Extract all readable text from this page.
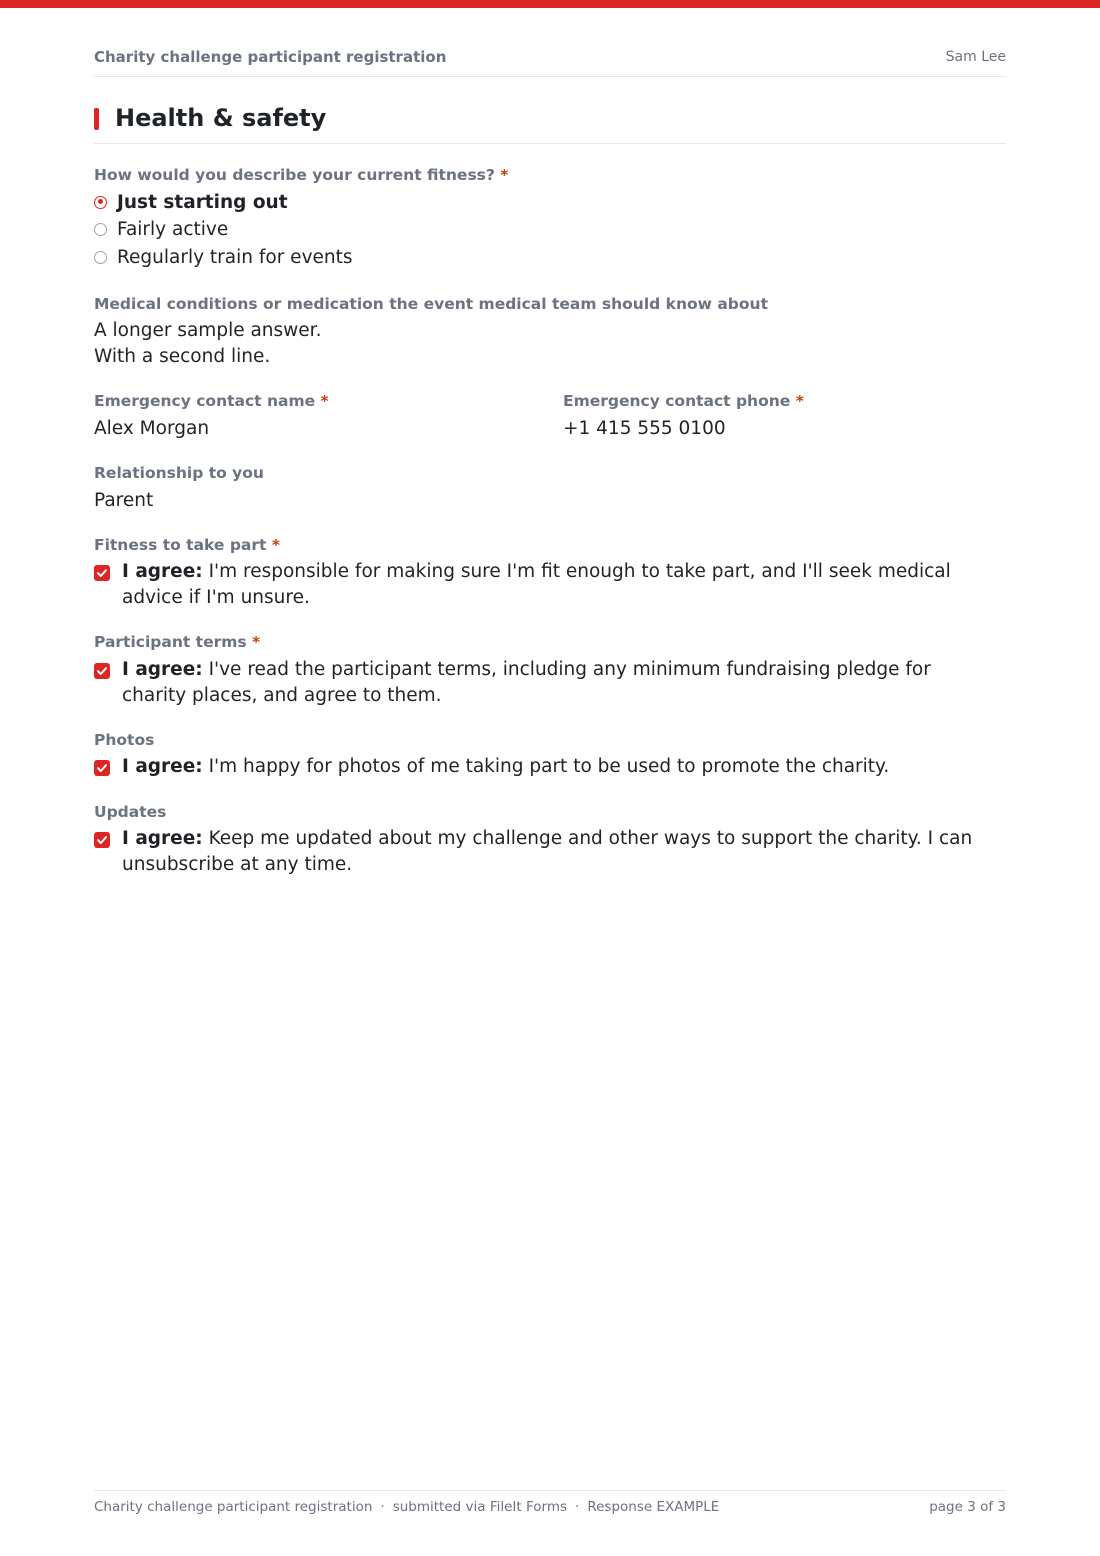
Charity challenge participant registration	Sam Lee
Health & safety
How would you describe your current fitness? *
Just starting out
Fairly active
Regularly train for events
Medical conditions or medication the event medical team should know about
A longer sample answer.
With a second line.
Emergency contact name *
Alex Morgan
Emergency contact phone *
+1 415 555 0100
Relationship to you
Parent
Fitness to take part *
I agree: I'm responsible for making sure I'm fit enough to take part, and I'll seek medical advice if I'm unsure.
Participant terms *
I agree: I've read the participant terms, including any minimum fundraising pledge for charity places, and agree to them.
Photos
I agree: I'm happy for photos of me taking part to be used to promote the charity.
Updates
I agree: Keep me updated about my challenge and other ways to support the charity. I can unsubscribe at any time.
Charity challenge participant registration · submitted via FileIt Forms · Response EXAMPLE	page 3 of 3
